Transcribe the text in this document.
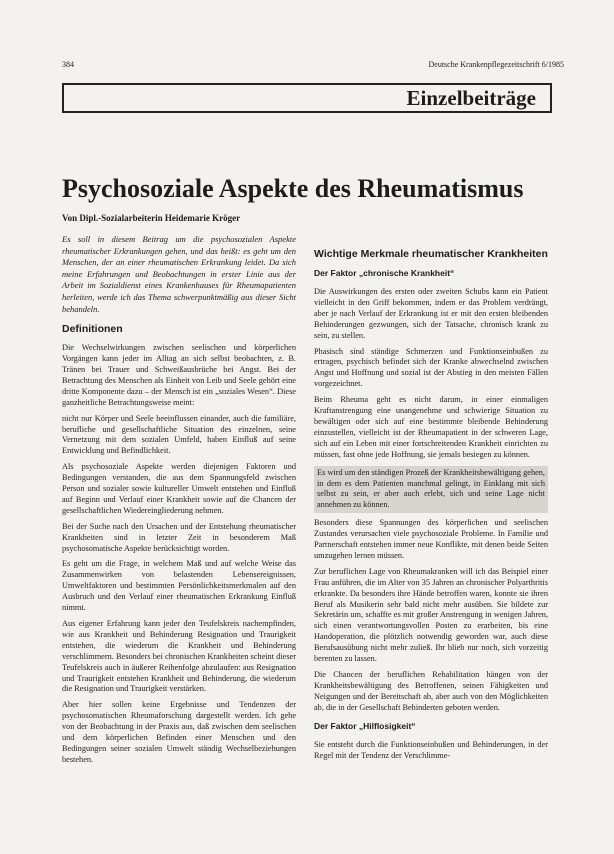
384	Deutsche Krankenpflegezeitschrift 6/1985
Einzelbeiträge
Psychosoziale Aspekte des Rheumatismus
Von Dipl.-Sozialarbeiterin Heidemarie Kröger

Es soll in diesem Beitrag um die psychosozialen Aspekte rheumatischer Erkrankungen gehen, und das heißt: es geht um den Menschen, der an einer rheumatischen Erkrankung leidet. Da sich meine Erfahrungen und Beobachtungen in erster Linie aus der Arbeit im Sozialdienst eines Krankenhauses für Rheumapatienten herleiten, werde ich das Thema schwerpunktmäßig aus dieser Sicht behandeln.

Definitionen

Die Wechselwirkungen zwischen seelischen und körperlichen Vorgängen kann jeder im Alltag an sich selbst beobachten, z. B. Tränen bei Trauer und Schweißausbrüche bei Angst. Bei der Betrachtung des Menschen als Einheit von Leib und Seele gehört eine dritte Komponente dazu – der Mensch ist ein „soziales Wesen“. Diese ganzheitliche Betrachtungsweise meint:

nicht nur Körper und Seele beeinflussen einander, auch die familiäre, berufliche und gesellschaftliche Situation des einzelnen, seine Vernetzung mit dem sozialen Umfeld, haben Einfluß auf seine Entwicklung und Befindlichkeit.

Als psychosoziale Aspekte werden diejenigen Faktoren und Bedingungen verstanden, die aus dem Spannungsfeld zwischen Person und sozialer sowie kultureller Umwelt entstehen und Einfluß auf Beginn und Verlauf einer Krankheit sowie auf die Chancen der gesellschaftlichen Wiedereingliederung nehmen.

Bei der Suche nach den Ursachen und der Entstehung rheumatischer Krankheiten sind in letzter Zeit in besonderem Maß psychosomatische Aspekte berücksichtigt worden.

Es geht um die Frage, in welchem Maß und auf welche Weise das Zusammenwirken von belastenden Lebensereignissen, Umweltfaktoren und bestimmten Persönlichkeitsmerkmalen auf den Ausbruch und den Verlauf einer rheumatischen Erkrankung Einfluß nimmt.

Aus eigener Erfahrung kann jeder den Teufelskreis nachempfinden, wie aus Krankheit und Behinderung Resignation und Traurigkeit entstehen, die wiederum die Krankheit und Behinderung verschlimmern. Besonders bei chronischen Krankheiten scheint dieser Teufelskreis auch in äußerer Reihenfolge abzulaufen: aus Resignation und Traurigkeit entstehen Krankheit und Behinderung, die wiederum die Resignation und Traurigkeit verstärken.

Aber hier sollen keine Ergebnisse und Tendenzen der psychosomatischen Rheumaforschung dargestellt werden. Ich gehe von der Beobachtung in der Praxis aus, daß zwischen dem seelischen und dem körperlichen Befinden einer Menschen und den Bedingungen seiner sozialen Umwelt ständig Wechselbeziehungen bestehen.

Wichtige Merkmale rheumatischer Krankheiten
Der Faktor „chronische Krankheit“

Die Auswirkungen des ersten oder zweiten Schubs kann ein Patient vielleicht in den Griff bekommen, indem er das Problem verdrängt, aber je nach Verlauf der Erkrankung ist er mit den ersten bleibenden Behinderungen gezwungen, sich der Tatsache, chronisch krank zu sein, zu stellen.

Phasisch sind ständige Schmerzen und Funktionseinbußen zu ertragen, psychisch befindet sich der Kranke abwechselnd zwischen Angst und Hoffnung und sozial ist der Abstieg in den meisten Fällen vorgezeichnet.

Beim Rheuma geht es nicht darum, in einer einmaligen Kraftanstrengung eine unangenehme und schwierige Situation zu bewältigen oder sich auf eine bestimmte bleibende Behinderung einzustellen, vielleicht ist der Rheumapatient in der schweren Lage, sich auf ein Leben mit einer fortschreitenden Krankheit einrichten zu müssen, fast ohne jede Hoffnung, sie jemals besiegen zu können.

Es wird um den ständigen Prozeß der Krankheitsbewältigung gehen, in dem es dem Patienten manchmal gelingt, in Einklang mit sich selbst zu sein, er aber auch erlebt, sich und seine Lage nicht annehmen zu können.

Besonders diese Spannungen des körperlichen und seelischen Zustandes verursachen viele psychosoziale Probleme. In Familie und Partnerschaft entstehen immer neue Konflikte, mit denen beide Seiten umzugehen lernen müssen.

Zur beruflichen Lage von Rheumakranken will ich das Beispiel einer Frau anführen, die im Alter von 35 Jahren an chronischer Polyarthritis erkrankte. Da besonders ihre Hände betroffen waren, konnte sie ihren Beruf als Musikerin sehr bald nicht mehr ausüben. Sie bildete zur Sekretärin um, schaffte es mit großer Anstrengung in wenigen Jahren, sich einen verantwortungsvollen Posten zu erarbeiten, bis eine Handoperation, die plötzlich notwendig geworden war, auch diese Berufsausübung nicht mehr zuließ. Ihr blieb nur noch, sich vorzeitig berenten zu lassen.

Die Chancen der beruflichen Rehabilitation hängen von der Krankheitsbewältigung des Betroffenen, seinen Fähigkeiten und Neigungen und der Bereitschaft ab, aber auch von den Möglichkeiten ab, die in der Gesellschaft Behinderten geboten werden.

Der Faktor „Hilflosigkeit“

Sie entsteht durch die Funktionseinbußen und Behinderungen, in der Regel mit der Tendenz der Verschlimme-
